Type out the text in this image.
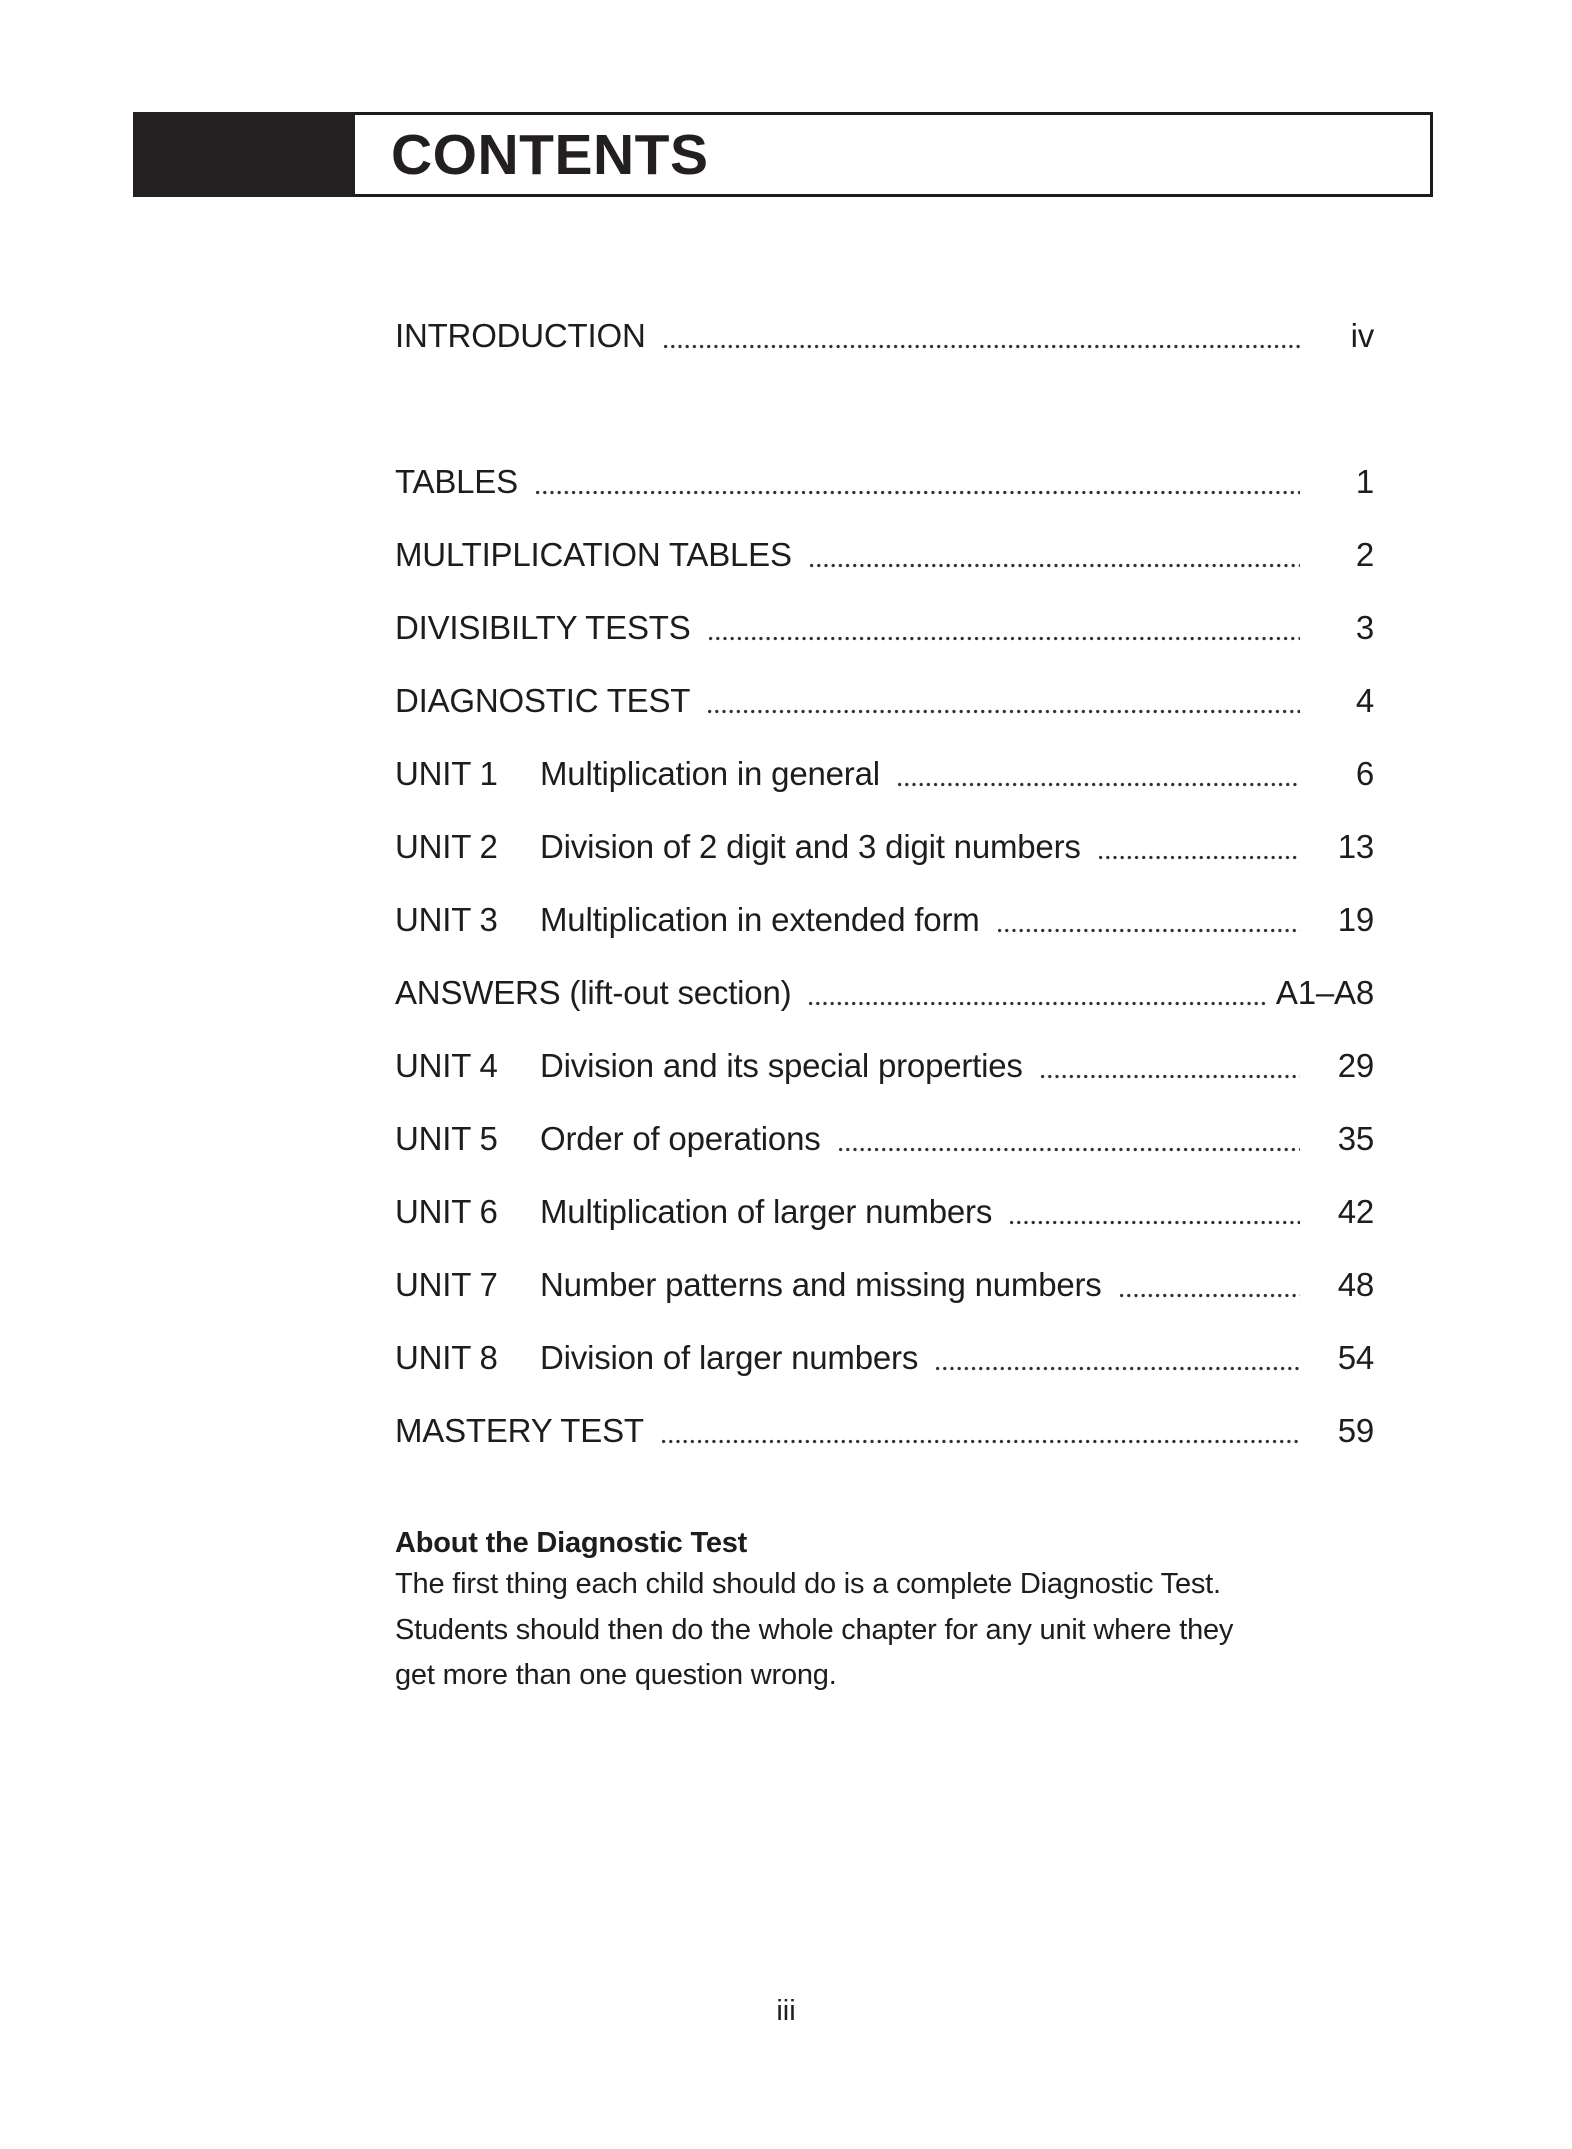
CONTENTS
INTRODUCTION	iv
TABLES	1
MULTIPLICATION TABLES	2
DIVISIBILTY TESTS	3
DIAGNOSTIC TEST	4
UNIT 1	Multiplication in general	6
UNIT 2	Division of 2 digit and 3 digit numbers	13
UNIT 3	Multiplication in extended form	19
ANSWERS (lift-out section)	A1–A8
UNIT 4	Division and its special properties	29
UNIT 5	Order of operations	35
UNIT 6	Multiplication of larger numbers	42
UNIT 7	Number patterns and missing numbers	48
UNIT 8	Division of larger numbers	54
MASTERY TEST	59
About the Diagnostic Test
The first thing each child should do is a complete Diagnostic Test.
Students should then do the whole chapter for any unit where they
get more than one question wrong.
iii
